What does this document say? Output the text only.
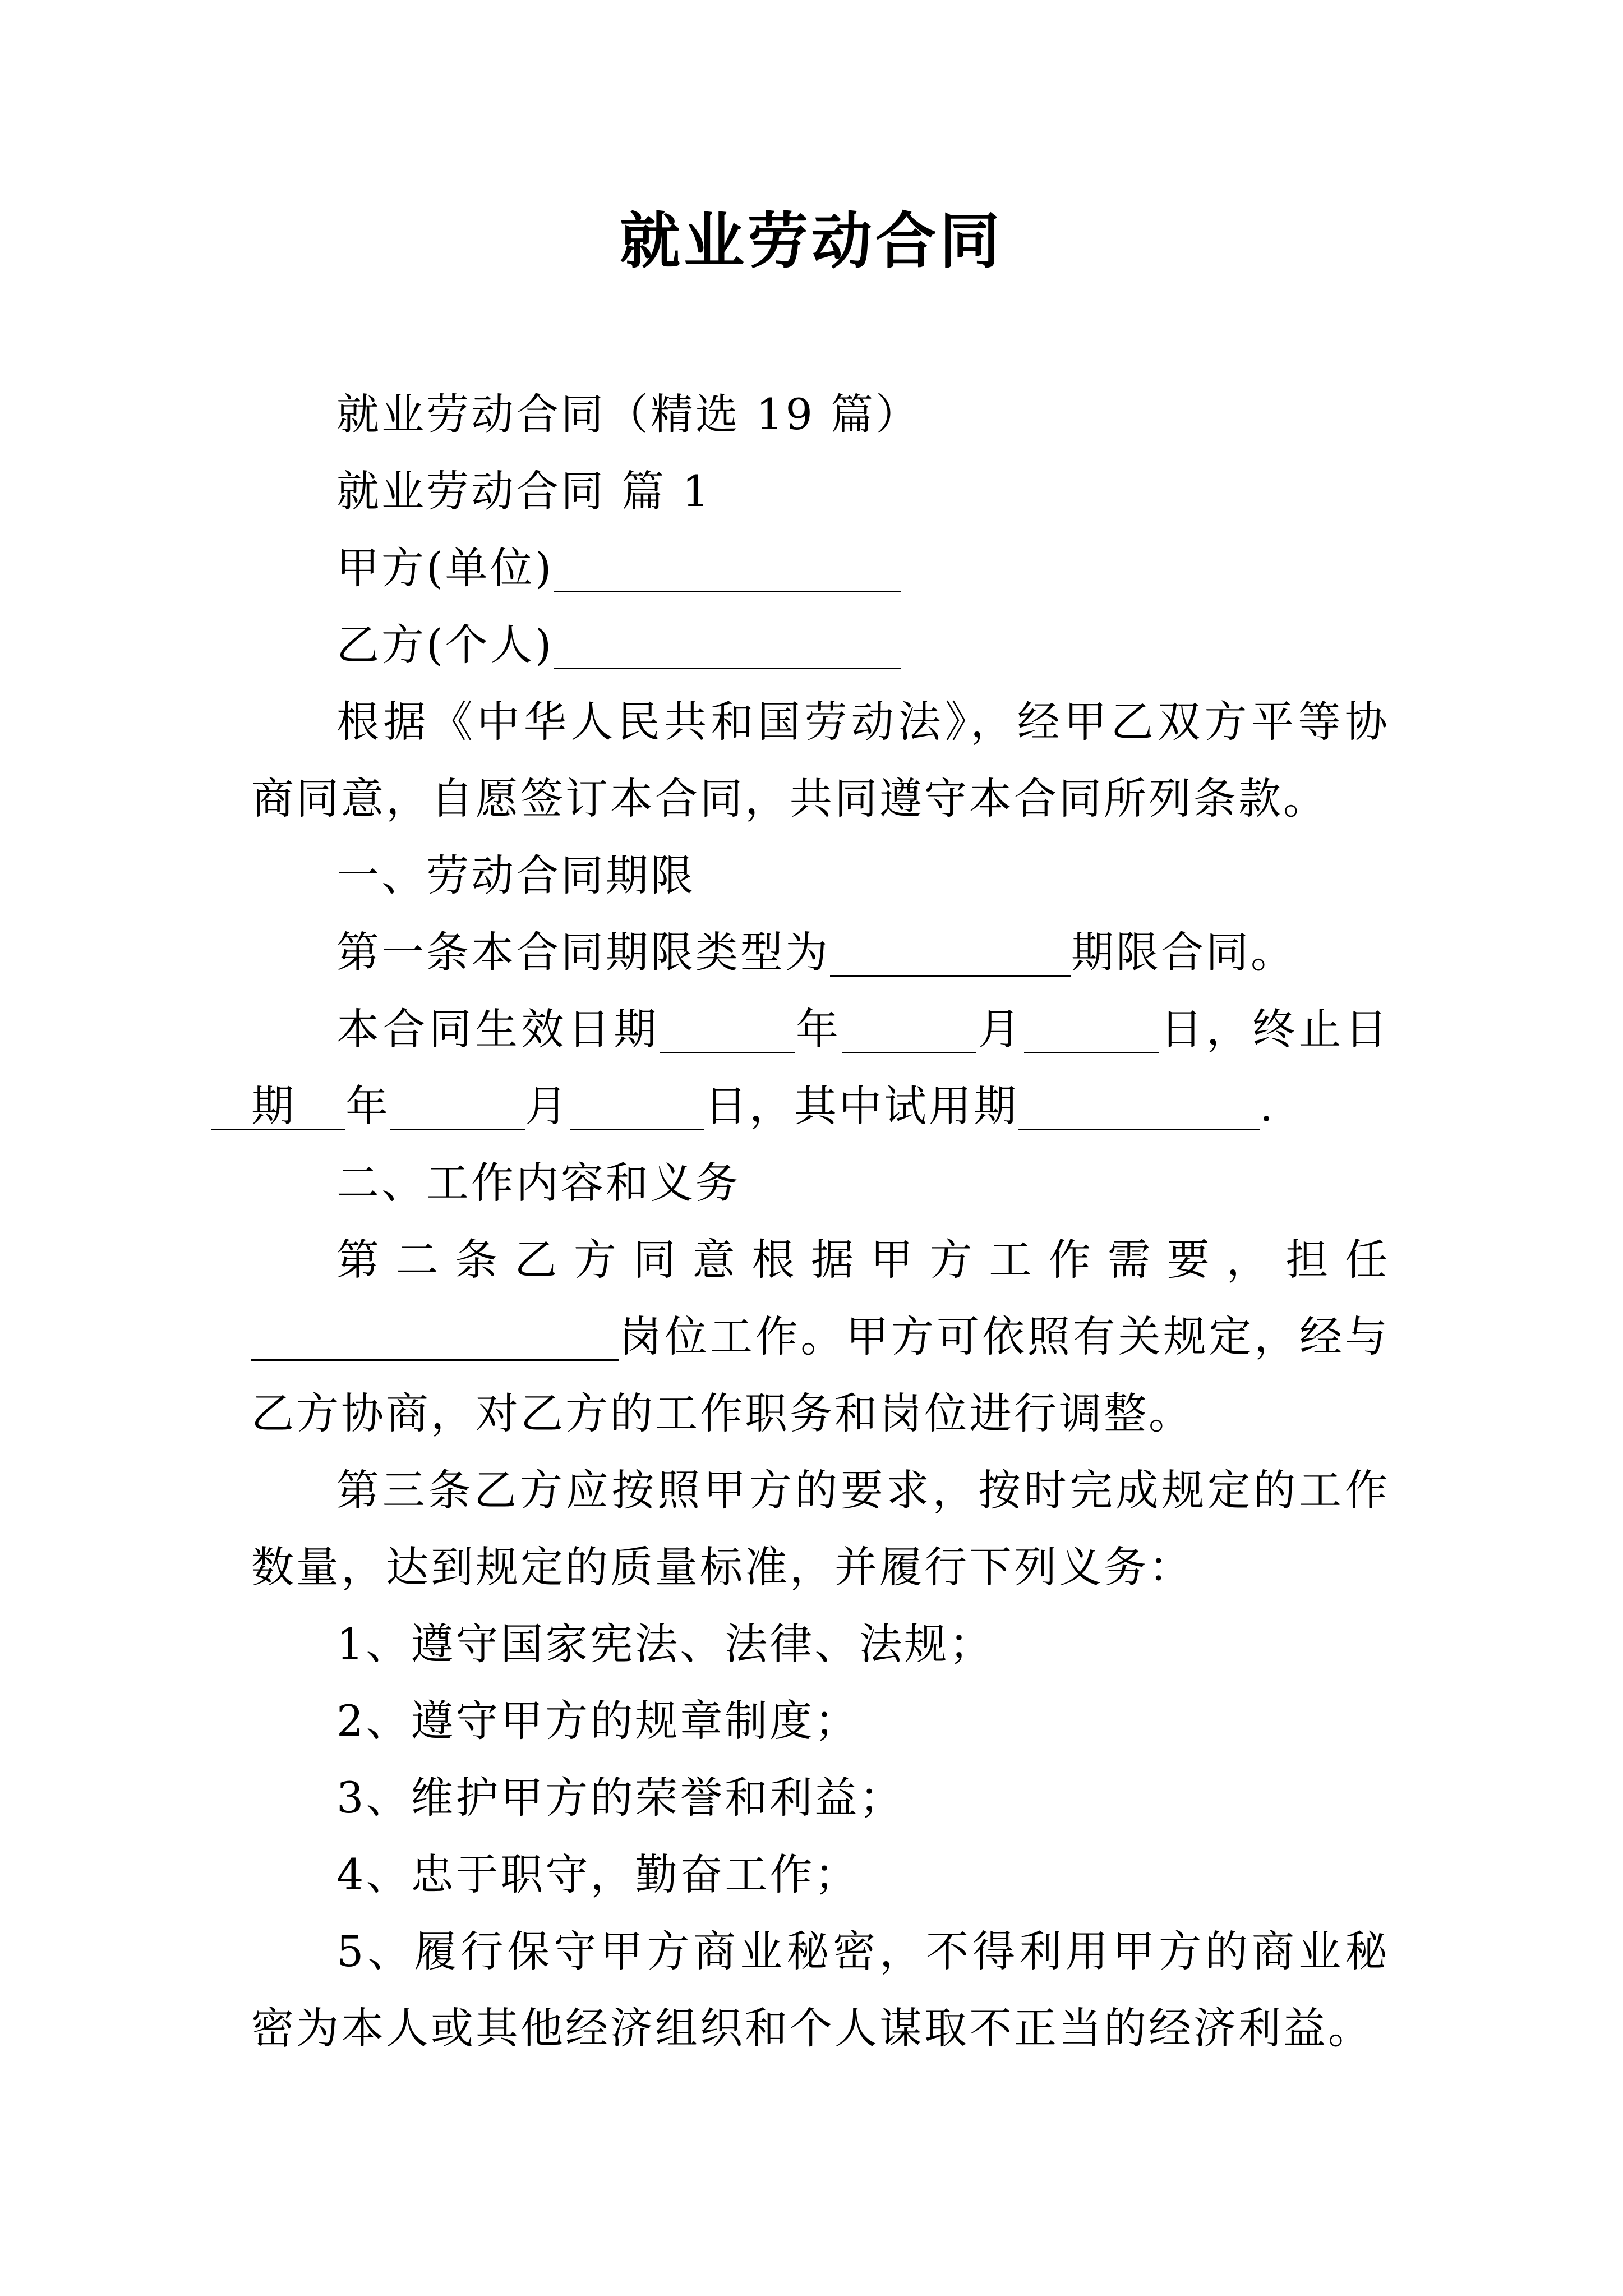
就业劳动合同
就业劳动合同（精选 19 篇）
就业劳动合同 篇 1
甲方(单位)
乙方(个人)
根据《中华人民共和国劳动法》，经甲乙双方平等协商同意，自愿签订本合同，共同遵守本合同所列条款。
一、劳动合同期限
第一条本合同期限类型为	期限合同。
本合同生效日期	年	月	日，终止日期 年	月	日，其中试用期	.
二、工作内容和义务
第二条乙方同意根据甲方工作需要，担任岗位工作。甲方可依照有关规定，经与乙方协商，对乙方的工作职务和岗位进行调整。
第三条乙方应按照甲方的要求，按时完成规定的工作数量，达到规定的质量标准，并履行下列义务：
1、遵守国家宪法、法律、法规；
2、遵守甲方的规章制度；
3、维护甲方的荣誉和利益；
4、忠于职守，勤奋工作；
5、履行保守甲方商业秘密，不得利用甲方的商业秘密为本人或其他经济组织和个人谋取不正当的经济利益。
